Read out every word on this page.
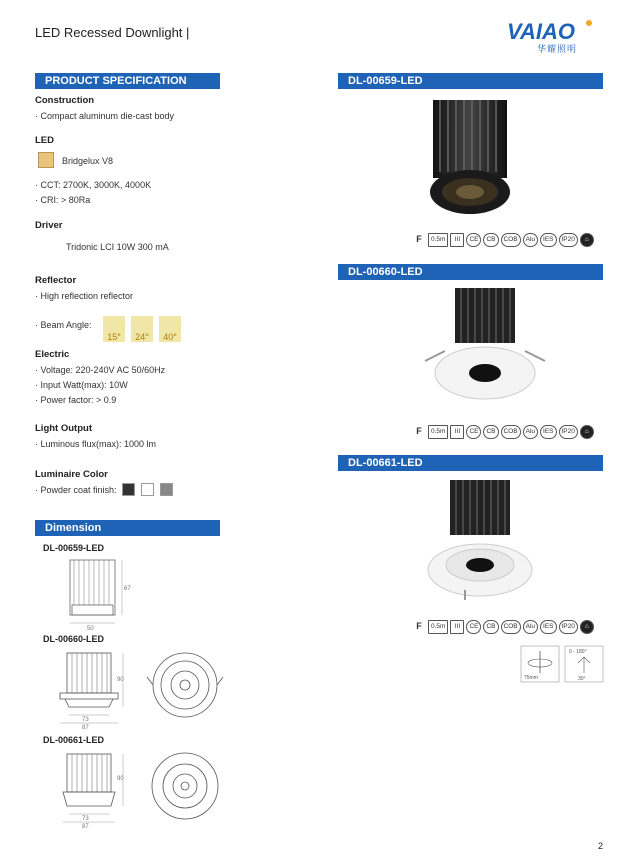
LED Recessed Downlight |	VAIAO
华耀照明
PRODUCT SPECIFICATION
Construction
· Compact aluminum die-cast body
LED
Bridgelux V8
· CCT: 2700K, 3000K, 4000K
· CRI: > 80Ra
Driver
Tridonic LCI 10W 300 mA
Reflector
· High reflection reflector
· Beam Angle:
15°	24°	40°
Electric
· Voltage: 220-240V AC 50/60Hz
· Input Watt(max): 10W
· Power factor: > 0.9
Light Output
· Luminous flux(max): 1000 lm
Luminaire Color
· Powder coat finish:
Dimension
DL-00659-LED
67
50
DL-00660-LED
90
73
87
DL-00661-LED
90
73
87
DL-00659-LED
F	0.5m	III	CE	CB	COB	Alu	IES	IP20	⌂
DL-00660-LED
F	0.5m	III	CE	CB	COB	Alu	IES	IP20	⌂
DL-00661-LED
F	0.5m	III	CE	CB	COB	Alu	IES	IP20	⌂
75mm
0 - 180°
30°
2
